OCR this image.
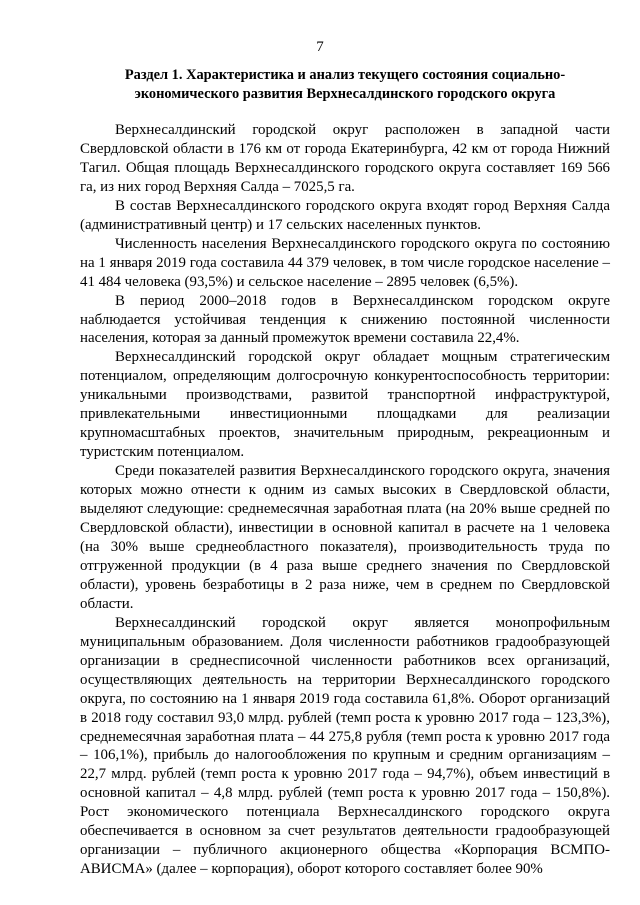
7
Раздел 1. Характеристика и анализ текущего состояния социально-
экономического развития Верхнесалдинского городского округа

Верхнесалдинский городской округ расположен в западной части Свердловской области в 176 км от города Екатеринбурга, 42 км от города Нижний Тагил. Общая площадь Верхнесалдинского городского округа составляет 169 566 га, из них город Верхняя Салда – 7025,5 га.

В состав Верхнесалдинского городского округа входят город Верхняя Салда (административный центр) и 17 сельских населенных пунктов.

Численность населения Верхнесалдинского городского округа по состоянию на 1 января 2019 года составила 44 379 человек, в том числе городское население – 41 484 человека (93,5%) и сельское население – 2895 человек (6,5%).

В период 2000–2018 годов в Верхнесалдинском городском округе наблюдается устойчивая тенденция к снижению постоянной численности населения, которая за данный промежуток времени составила 22,4%.

Верхнесалдинский городской округ обладает мощным стратегическим потенциалом, определяющим долгосрочную конкурентоспособность территории: уникальными производствами, развитой транспортной инфраструктурой, привлекательными инвестиционными площадками для реализации крупномасштабных проектов, значительным природным, рекреационным и туристским потенциалом.

Среди показателей развития Верхнесалдинского городского округа, значения которых можно отнести к одним из самых высоких в Свердловской области, выделяют следующие: среднемесячная заработная плата (на 20% выше средней по Свердловской области), инвестиции в основной капитал в расчете на 1 человека (на 30% выше среднеобластного показателя), производительность труда по отгруженной продукции (в 4 раза выше среднего значения по Свердловской области), уровень безработицы в 2 раза ниже, чем в среднем по Свердловской области.

Верхнесалдинский городской округ является монопрофильным муниципальным образованием. Доля численности работников градообразующей организации в среднесписочной численности работников всех организаций, осуществляющих деятельность на территории Верхнесалдинского городского округа, по состоянию на 1 января 2019 года составила 61,8%. Оборот организаций в 2018 году составил 93,0 млрд. рублей (темп роста к уровню 2017 года – 123,3%), среднемесячная заработная плата – 44 275,8 рубля (темп роста к уровню 2017 года – 106,1%), прибыль до налогообложения по крупным и средним организациям – 22,7 млрд. рублей (темп роста к уровню 2017 года – 94,7%), объем инвестиций в основной капитал – 4,8 млрд. рублей (темп роста к уровню 2017 года – 150,8%). Рост экономического потенциала Верхнесалдинского городского округа обеспечивается в основном за счет результатов деятельности градообразующей организации – публичного акционерного общества «Корпорация ВСМПО-АВИСМА» (далее – корпорация), оборот которого составляет более 90%
